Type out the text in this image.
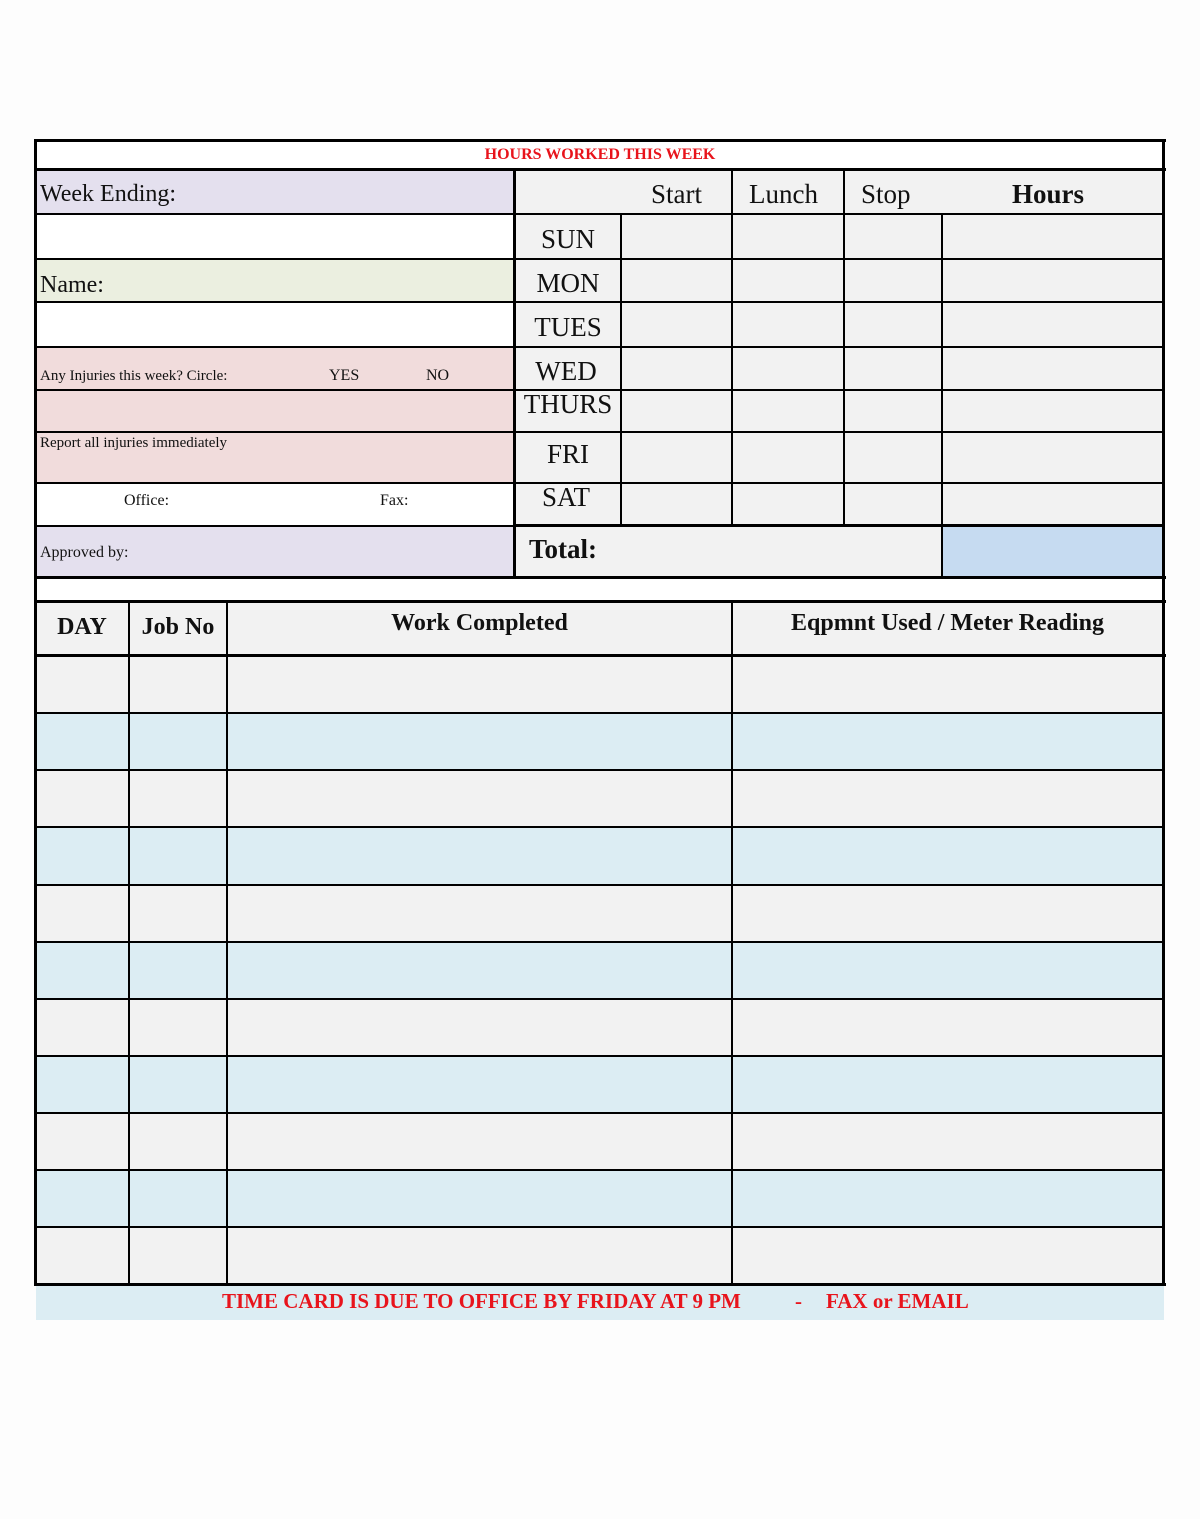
HOURS WORKED THIS WEEK
Week Ending:
Name:
Any Injuries this week? Circle:	YES	NO
Report all injuries immediately
Office:	Fax:
Approved by:
Start Lunch Stop	Hours
SUN
MON
TUES
WED
THURS
FRI
SAT
Total:
DAY	Job No	Work Completed	Eqpmnt Used / Meter Reading
TIME CARD IS DUE TO OFFICE BY FRIDAY AT 9 PM	- FAX or EMAIL
